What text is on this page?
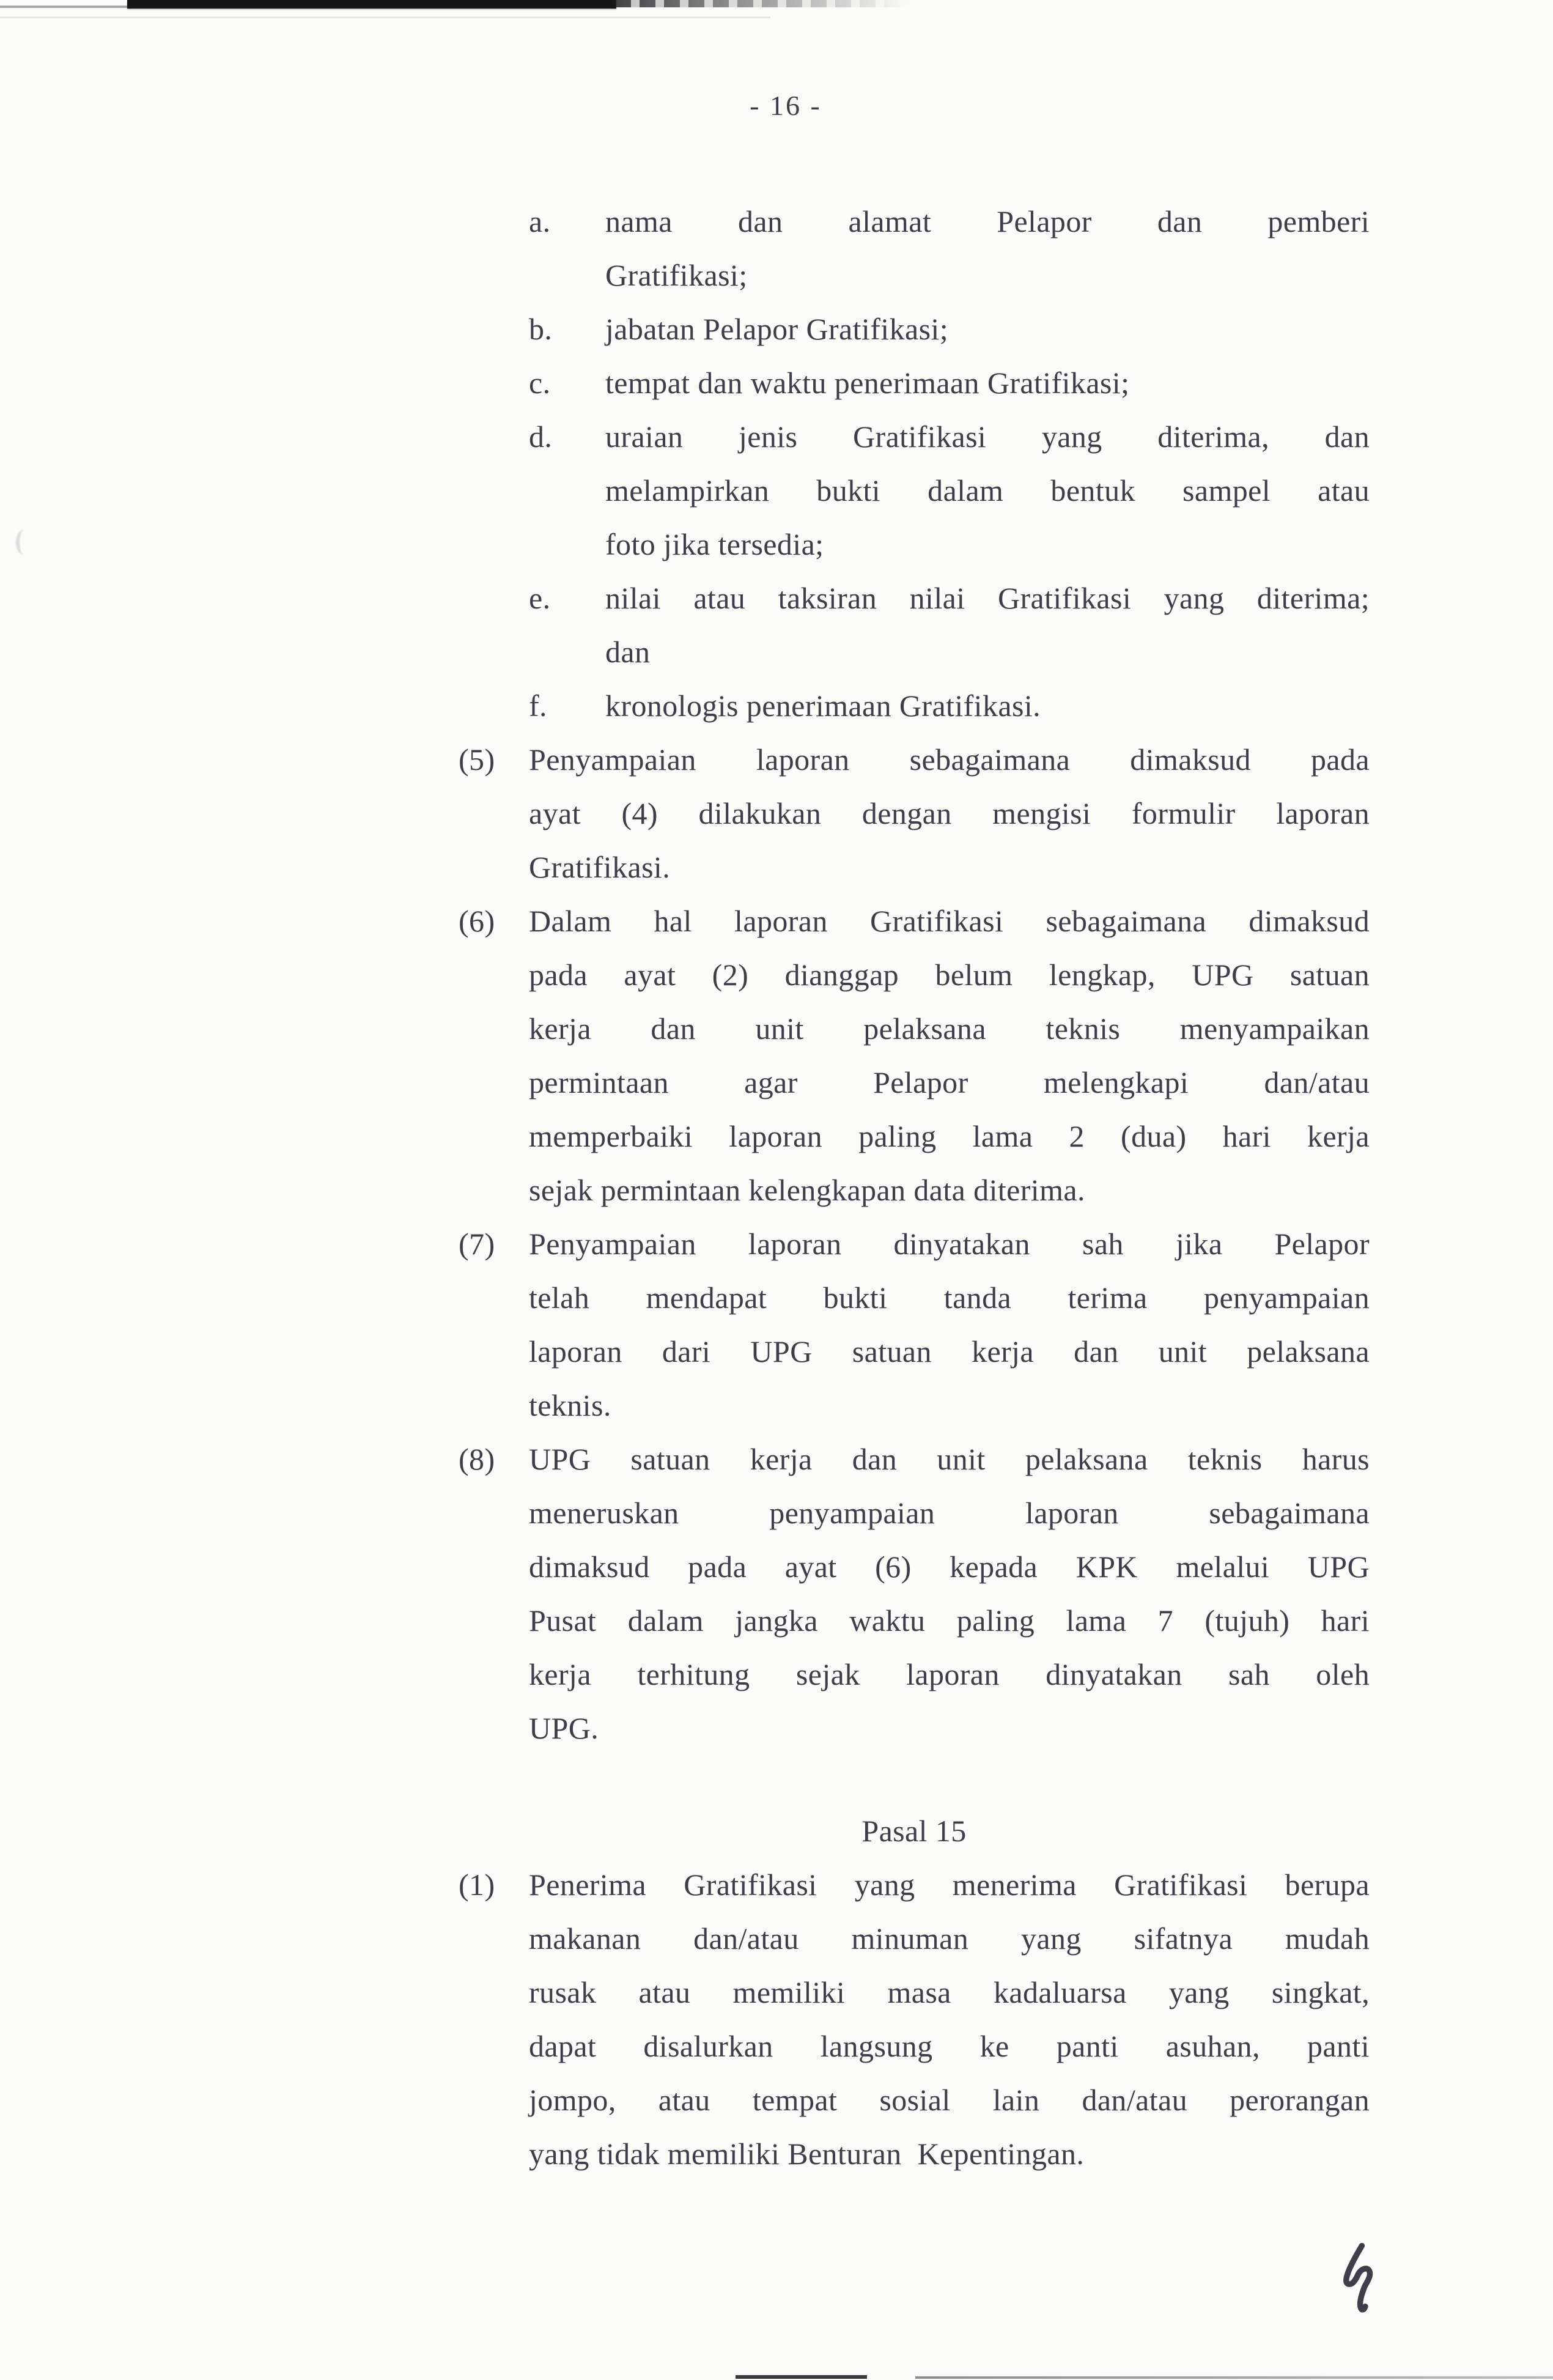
- 16 -
a.	nama dan alamat Pelapor dan pemberi
Gratifikasi;
b.	jabatan Pelapor Gratifikasi;
c.	tempat dan waktu penerimaan Gratifikasi;
d.	uraian jenis Gratifikasi yang diterima, dan
melampirkan bukti dalam bentuk sampel atau
foto jika tersedia;
e.	nilai atau taksiran nilai Gratifikasi yang diterima;
dan
f.	kronologis penerimaan Gratifikasi.
(5)	Penyampaian laporan sebagaimana dimaksud pada
ayat (4) dilakukan dengan mengisi formulir laporan
Gratifikasi.
(6)	Dalam hal laporan Gratifikasi sebagaimana dimaksud
pada ayat (2) dianggap belum lengkap, UPG satuan
kerja dan unit pelaksana teknis menyampaikan
permintaan agar Pelapor melengkapi dan/atau
memperbaiki laporan paling lama 2 (dua) hari kerja
sejak permintaan kelengkapan data diterima.
(7)	Penyampaian laporan dinyatakan sah jika Pelapor
telah mendapat bukti tanda terima penyampaian
laporan dari UPG satuan kerja dan unit pelaksana
teknis.
(8)	UPG satuan kerja dan unit pelaksana teknis harus
meneruskan penyampaian laporan sebagaimana
dimaksud pada ayat (6) kepada KPK melalui UPG
Pusat dalam jangka waktu paling lama 7 (tujuh) hari
kerja terhitung sejak laporan dinyatakan sah oleh
UPG.
Pasal 15
(1)	Penerima Gratifikasi yang menerima Gratifikasi berupa
makanan dan/atau minuman yang sifatnya mudah
rusak atau memiliki masa kadaluarsa yang singkat,
dapat disalurkan langsung ke panti asuhan, panti
jompo, atau tempat sosial lain dan/atau perorangan
yang tidak memiliki Benturan  Kepentingan.
